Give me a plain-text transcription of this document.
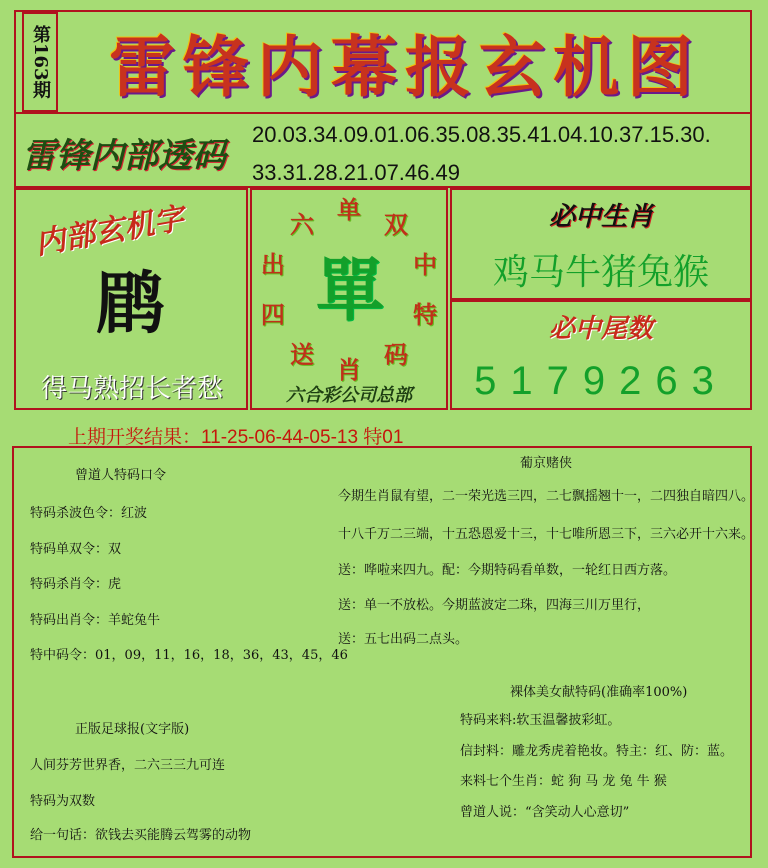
第163期 雷锋内幕报玄机图
雷锋内部透码
20.03.34.09.01.06.35.08.35.41.04.10.37.15.30.
33.31.28.21.07.46.49
内部玄机字
鹛
得马熟招长者愁
单
双
中
特
码
肖
送
四
出
六
單
六合彩公司总部
必中生肖
鸡马牛猪兔猴
必中尾数
5179263
上期开奖结果：11-25-06-44-05-13 特01
曾道人特码口令
特码杀波色令：红波
特码单双令：双
特码杀肖令：虎
特码出肖令：羊蛇兔牛
特中码令：01，09，11，16，18，36，43，45，46
正版足球报(文字版)
人间芬芳世界香，二六三三九可连
特码为双数
给一句话：欲钱去买能腾云驾雾的动物
葡京赌侠
今期生肖鼠有望，二一荣光选三四，二七飘摇翘十一，二四独自暗四八。
十八千万二三端，十五恐恩爱十三，十七唯所恩三下，三六必开十六来。
送：哗啦来四九。配：今期特码看单数，一轮红日西方落。
送：单一不放松。今期蓝波定二珠，四海三川万里行，
送：五七出码二点头。
裸体美女献特码(准确率100%)
特码来料:软玉温馨披彩虹。
信封料：雕龙秀虎着艳妆。特主：红、防：蓝。
来料七个生肖：蛇 狗 马 龙 兔 牛 猴
曾道人说：“含笑动人心意切”
